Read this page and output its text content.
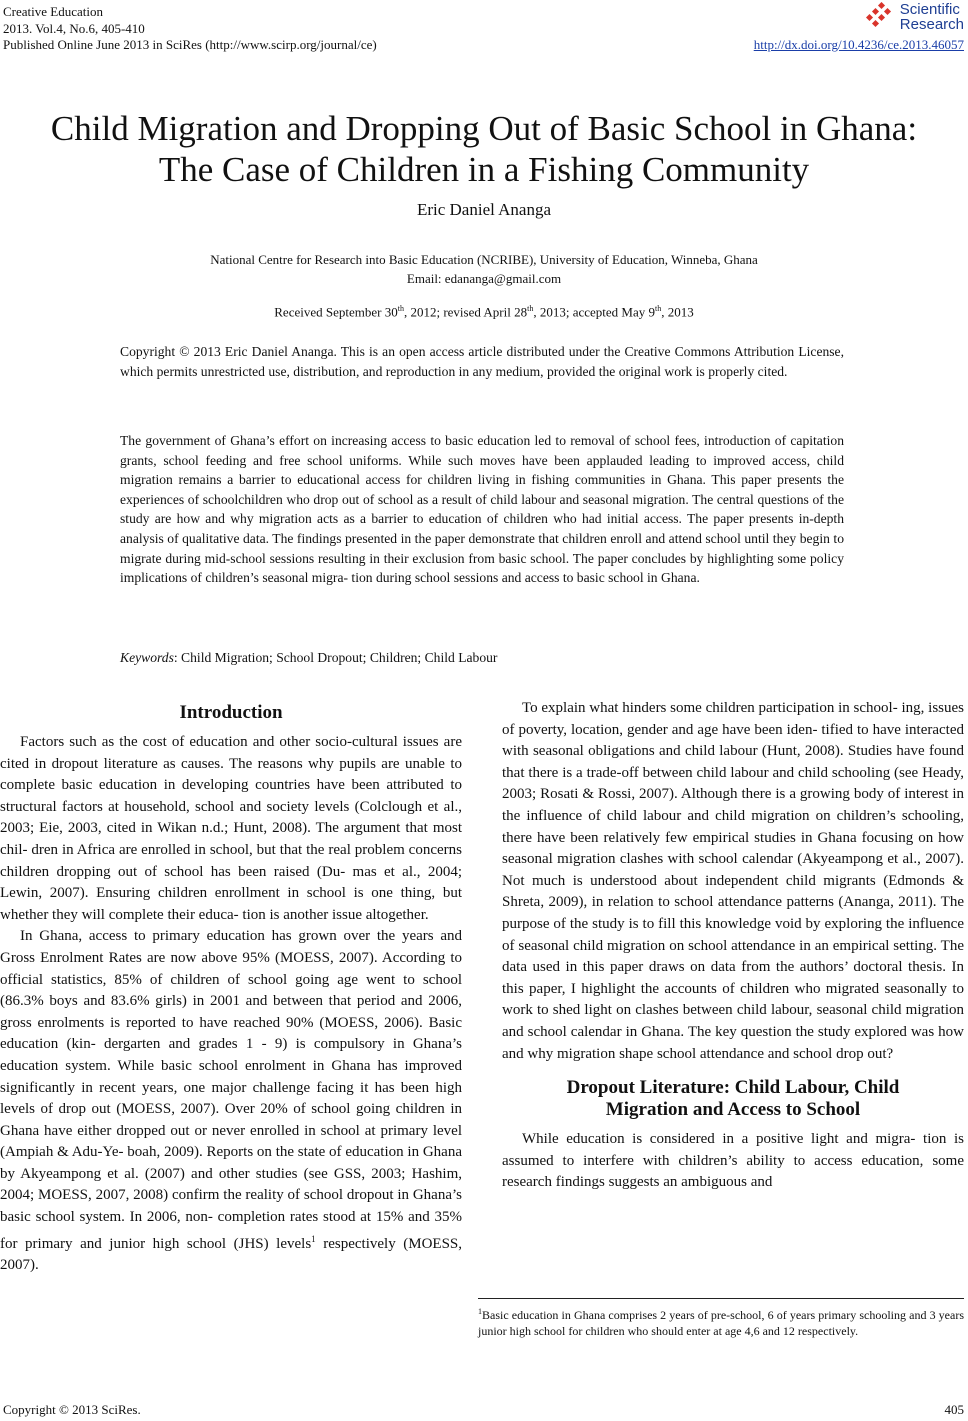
Creative Education
2013. Vol.4, No.6, 405-410
Published Online June 2013 in SciRes (http://www.scirp.org/journal/ce)
Scientific
Research
http://dx.doi.org/10.4236/ce.2013.46057
Child Migration and Dropping Out of Basic School in Ghana:
The Case of Children in a Fishing Community
Eric Daniel Ananga
National Centre for Research into Basic Education (NCRIBE), University of Education, Winneba, Ghana
Email: edananga@gmail.com
Received September 30th, 2012; revised April 28th, 2013; accepted May 9th, 2013
Copyright © 2013 Eric Daniel Ananga. This is an open access article distributed under the Creative Commons Attribution License, which permits unrestricted use, distribution, and reproduction in any medium, provided the original work is properly cited.
The government of Ghana’s effort on increasing access to basic education led to removal of school fees, introduction of capitation grants, school feeding and free school uniforms. While such moves have been applauded leading to improved access, child migration remains a barrier to educational access for children living in fishing communities in Ghana. This paper presents the experiences of schoolchildren who drop out of school as a result of child labour and seasonal migration. The central questions of the study are how and why migration acts as a barrier to education of children who had initial access. The paper presents in-depth analysis of qualitative data. The findings presented in the paper demonstrate that children enroll and attend school until they begin to migrate during mid-school sessions resulting in their exclusion from basic school. The paper concludes by highlighting some policy implications of children’s seasonal migra- tion during school sessions and access to basic school in Ghana.
Keywords: Child Migration; School Dropout; Children; Child Labour
Introduction

Factors such as the cost of education and other socio-cultural issues are cited in dropout literature as causes. The reasons why pupils are unable to complete basic education in developing countries have been attributed to structural factors at household, school and society levels (Colclough et al., 2003; Eie, 2003, cited in Wikan n.d.; Hunt, 2008). The argument that most chil- dren in Africa are enrolled in school, but that the real problem concerns children dropping out of school has been raised (Du- mas et al., 2004; Lewin, 2007). Ensuring children enrollment in school is one thing, but whether they will complete their educa- tion is another issue altogether.

In Ghana, access to primary education has grown over the years and Gross Enrolment Rates are now above 95% (MOESS, 2007). According to official statistics, 85% of children of school going age went to school (86.3% boys and 83.6% girls) in 2001 and between that period and 2006, gross enrolments is reported to have reached 90% (MOESS, 2006). Basic education (kin- dergarten and grades 1 - 9) is compulsory in Ghana’s education system. While basic school enrolment in Ghana has improved significantly in recent years, one major challenge facing it has been high levels of drop out (MOESS, 2007). Over 20% of school going children in Ghana have either dropped out or never enrolled in school at primary level (Ampiah & Adu-Ye- boah, 2009). Reports on the state of education in Ghana by Akyeampong et al. (2007) and other studies (see GSS, 2003; Hashim, 2004; MOESS, 2007, 2008) confirm the reality of school dropout in Ghana’s basic school system. In 2006, non- completion rates stood at 15% and 35% for primary and junior high school (JHS) levels$^1$ respectively (MOESS, 2007).

To explain what hinders some children participation in school- ing, issues of poverty, location, gender and age have been iden- tified to have interacted with seasonal obligations and child labour (Hunt, 2008). Studies have found that there is a trade-off between child labour and child schooling (see Heady, 2003; Rosati & Rossi, 2007). Although there is a growing body of interest in the influence of child labour and child migration on children’s schooling, there have been relatively few empirical studies in Ghana focusing on how seasonal migration clashes with school calendar (Akyeampong et al., 2007). Not much is understood about independent child migrants (Edmonds & Shreta, 2009), in relation to school attendance patterns (Ananga, 2011). The purpose of the study is to fill this knowledge void by exploring the influence of seasonal child migration on school attendance in an empirical setting. The data used in this paper draws on data from the authors’ doctoral thesis. In this paper, I highlight the accounts of children who migrated seasonally to work to shed light on clashes between child labour, seasonal child migration and school calendar in Ghana. The key question the study explored was how and why migration shape school attendance and school drop out?

Dropout Literature: Child Labour, Child
Migration and Access to School

While education is considered in a positive light and migra- tion is assumed to interfere with children’s ability to access education, some research findings suggests an ambiguous and

$^1$Basic education in Ghana comprises 2 years of pre-school, 6 of years primary schooling and 3 years junior high school for children who should enter at age 4,6 and 12 respectively.
Copyright © 2013 SciRes.	405
